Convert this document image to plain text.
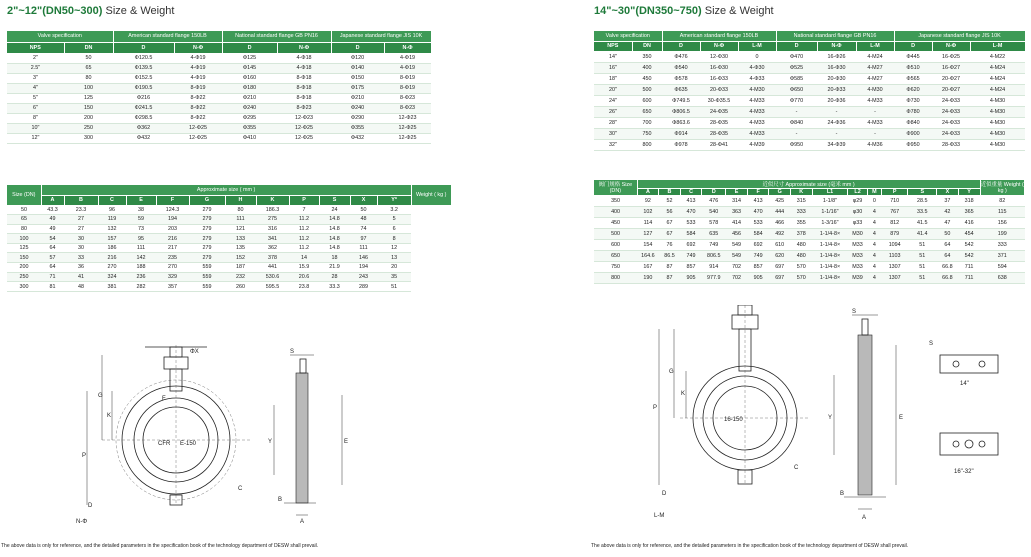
2"~12"(DN50~300) Size & Weight
Valve specification		American standard flange 150LB		National standard flange GB PN16		Japanese standard flange JIS 10K	
NPS	DN	D	N-Φ	D	N-Φ	D	N-Φ
2"	50	Φ120.5	4-Φ19	Φ125	4-Φ18	Φ120	4-Φ19
2.5"	65	Φ139.5	4-Φ19	Φ145	4-Φ18	Φ140	4-Φ19
3"	80	Φ152.5	4-Φ19	Φ160	8-Φ18	Φ150	8-Φ19
4"	100	Φ190.5	8-Φ19	Φ180	8-Φ18	Φ175	8-Φ19
5"	125	Φ216	8-Φ22	Φ210	8-Φ18	Φ210	8-Φ23
6"	150	Φ241.5	8-Φ22	Φ240	8-Φ23	Φ240	8-Φ23
8"	200	Φ298.5	8-Φ22	Φ295	12-Φ23	Φ290	12-Φ23
10"	250	Φ362	12-Φ25	Φ355	12-Φ25	Φ355	12-Φ25
12"	300	Φ432	12-Φ25	Φ410	12-Φ25	Φ432	12-Φ25
Size (DN)	Approximate size ( mm )												Weight ( kg )
	A	B	C	E	F	G	H	K	P	S	X	Y*	
50	43.3	23.3	96	38	124.3	279	80	186.3	7	24	50	3.2	
65	49	27	119	59	194	279	111	275	11.2	14.8	48	5	
80	49	27	132	73	203	279	121	316	11.2	14.8	74	6	
100	54	30	157	95	216	279	133	341	11.2	14.8	97	8	
125	64	30	186	111	217	279	135	362	11.2	14.8	111	12	
150	57	33	216	142	235	279	152	378	14	18	146	13	
200	64	36	270	188	270	559	187	441	15.9	21.9	194	20	
250	71	41	324	236	329	559	232	530.6	20.6	28	243	35	
300	81	48	381	282	357	559	260	595.5	23.8	33.3	289	51	
ΦX
G
K
F
P
C
D
N-Φ
CFR E-150
S
Y	E
B
A
The above data is only for reference, and the detailed parameters in the specification book of the technology department of DESW shall prevail.
14"~30"(DN350~750) Size & Weight
Valve specification		American standard flange 150LB			National standard flange GB PN16			Japanese standard flange JIS 10K		
NPS	DN	D	N-Φ	L-M	D	N-Φ	L-M	D	N-Φ	L-M
14"	350	Φ476	12-Φ30	0	Φ470	16-Φ26	4-M24	Φ445	16-Φ25	4-M22
16"	400	Φ540	16-Φ30	4-Φ30	Φ525	16-Φ30	4-M27	Φ510	16-Φ27	4-M24
18"	450	Φ578	16-Φ33	4-Φ33	Φ585	20-Φ30	4-M27	Φ565	20-Φ27	4-M24
20"	500	Φ635	20-Φ33	4-M30	Φ650	20-Φ33	4-M30	Φ620	20-Φ27	4-M24
24"	600	Φ749.5	30-Φ35.5	4-M33	Φ770	20-Φ36	4-M33	Φ730	24-Φ33	4-M30
26"	650	Φ806.5	24-Φ35	4-M33	-	-	-	Φ780	24-Φ33	4-M30
28"	700	Φ863.6	28-Φ35	4-M33	Φ840	24-Φ36	4-M33	Φ840	24-Φ33	4-M30
30"	750	Φ914	28-Φ35	4-M33	-	-	-	Φ900	24-Φ33	4-M30
32"	800	Φ978	28-Φ41	4-M39	Φ950	34-Φ39	4-M36	Φ950	28-Φ33	4-M30
阀门规格 Size (DN)	近似尺寸 Approximate size (毫米 mm )															近似重量 Weight ( kg )
	A	B	C	D	E	F	G	K	L1	L2	M	P	S	X	Y	
350	92	52	413	476	314	413	425	315	1-1/8"	φ29	0	710	28.5	37	318	82
400	102	56	470	540	363	470	444	333	1-1/16"	φ30	4	767	33.5	42	365	115
450	114	67	533	578	414	533	466	355	1-3/16"	φ33	4	812	41.5	47	416	156
500	127	67	584	635	456	584	492	378	1-1/4-8×	M30	4	879	41.4	50	454	199
600	154	76	692	749	549	692	610	480	1-1/4-8×	M33	4	1094	51	64	542	333
650	164.6	86.5	749	806.5	549	749	620	480	1-1/4-8×	M33	4	1103	51	64	542	371
750	167	87	857	914	702	857	697	570	1-1/4-8×	M33	4	1307	51	66.8	711	594
800	190	87	905	977.9	702	905	697	570	1-1/4-8×	M39	4	1307	51	66.8	711	638
G
K
P
C
D
L-M
16-150
S
Y	E
B
A
S
14"
16"-32"
The above data is only for reference, and the detailed parameters in the specification book of the technology department of DESW shall prevail.
